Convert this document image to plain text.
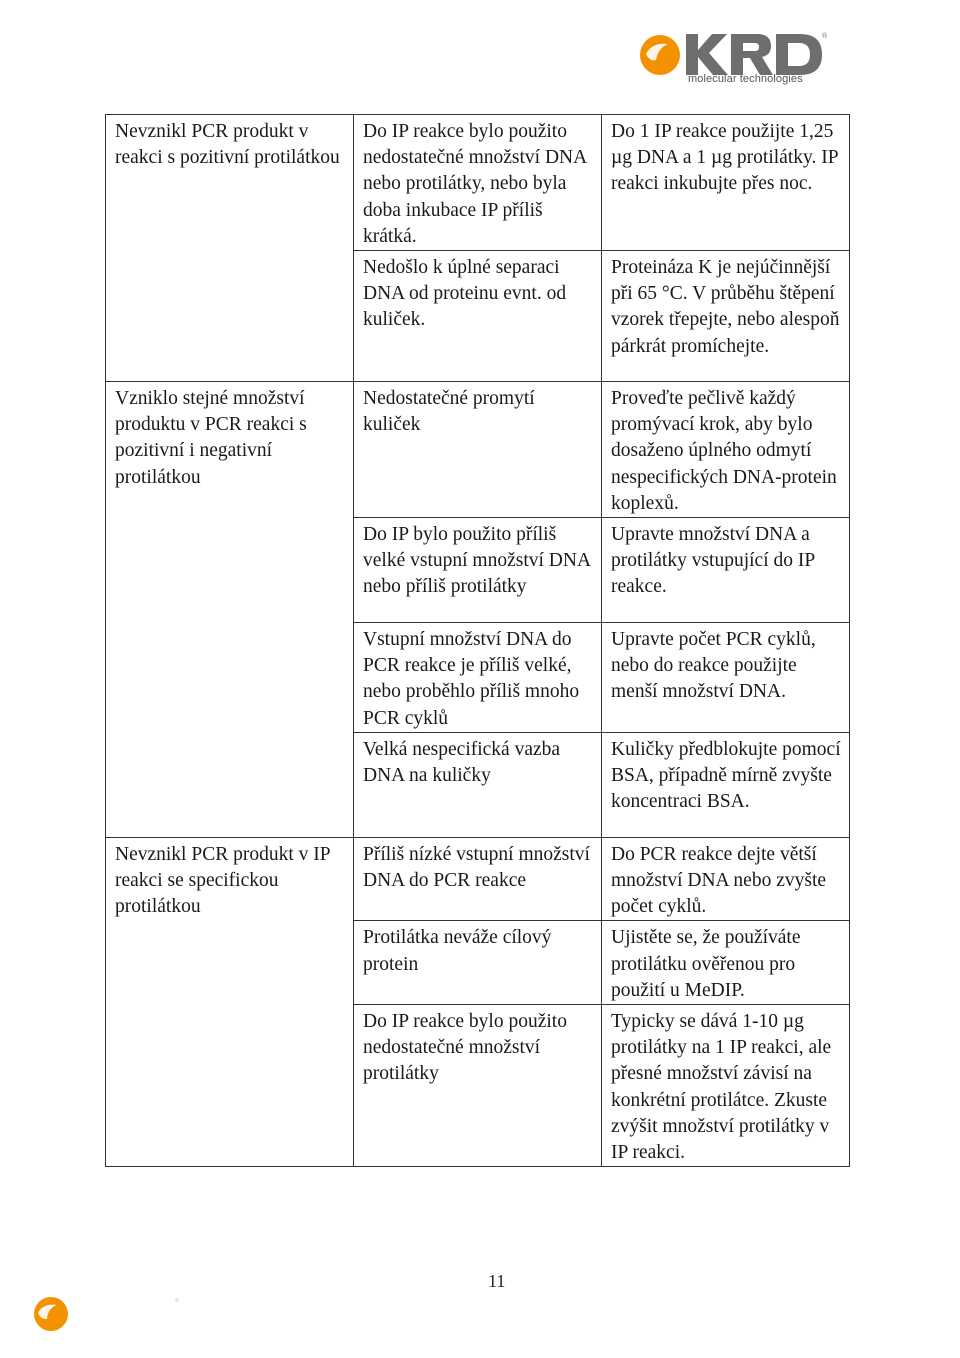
®
molecular technologies
Nevznikl PCR produkt v reakci s pozitivní protilátkou	Do IP reakce bylo použito nedostatečné množství DNA nebo protilátky, nebo byla doba inkubace IP příliš krátká.	Do 1 IP reakce použijte 1,25 µg DNA a 1 µg protilátky. IP reakci inkubujte přes noc.
	Nedošlo k úplné separaci DNA od proteinu evnt. od kuliček.	Proteináza K je nejúčinnější při 65 °C. V průběhu štěpení vzorek třepejte, nebo alespoň párkrát promíchejte.
Vzniklo stejné množství produktu v PCR reakci s pozitivní i negativní protilátkou	Nedostatečné promytí kuliček	Proveďte pečlivě každý promývací krok, aby bylo dosaženo úplného odmytí nespecifických DNA-protein koplexů.
	Do IP bylo použito příliš velké vstupní množství DNA nebo příliš protilátky	Upravte množství DNA a protilátky vstupující do IP reakce.
	Vstupní množství DNA do PCR reakce je příliš velké, nebo proběhlo příliš mnoho PCR cyklů	Upravte počet PCR cyklů, nebo do reakce použijte menší množství DNA.
	Velká nespecifická vazba DNA na kuličky	Kuličky předblokujte pomocí BSA, případně mírně zvyšte koncentraci BSA.
Nevznikl PCR produkt v IP reakci se specifickou protilátkou	Příliš nízké vstupní množství DNA do PCR reakce	Do PCR reakce dejte větší množství DNA nebo zvyšte počet cyklů.
	Protilátka neváže cílový protein	Ujistěte se, že používáte protilátku ověřenou pro použití u MeDIP.
	Do IP reakce bylo použito nedostatečné množství protilátky	Typicky se dává 1-10 µg protilátky na 1 IP reakci, ale přesné množství závisí na konkrétní protilátce. Zkuste zvýšit množství protilátky v IP reakci.
11
